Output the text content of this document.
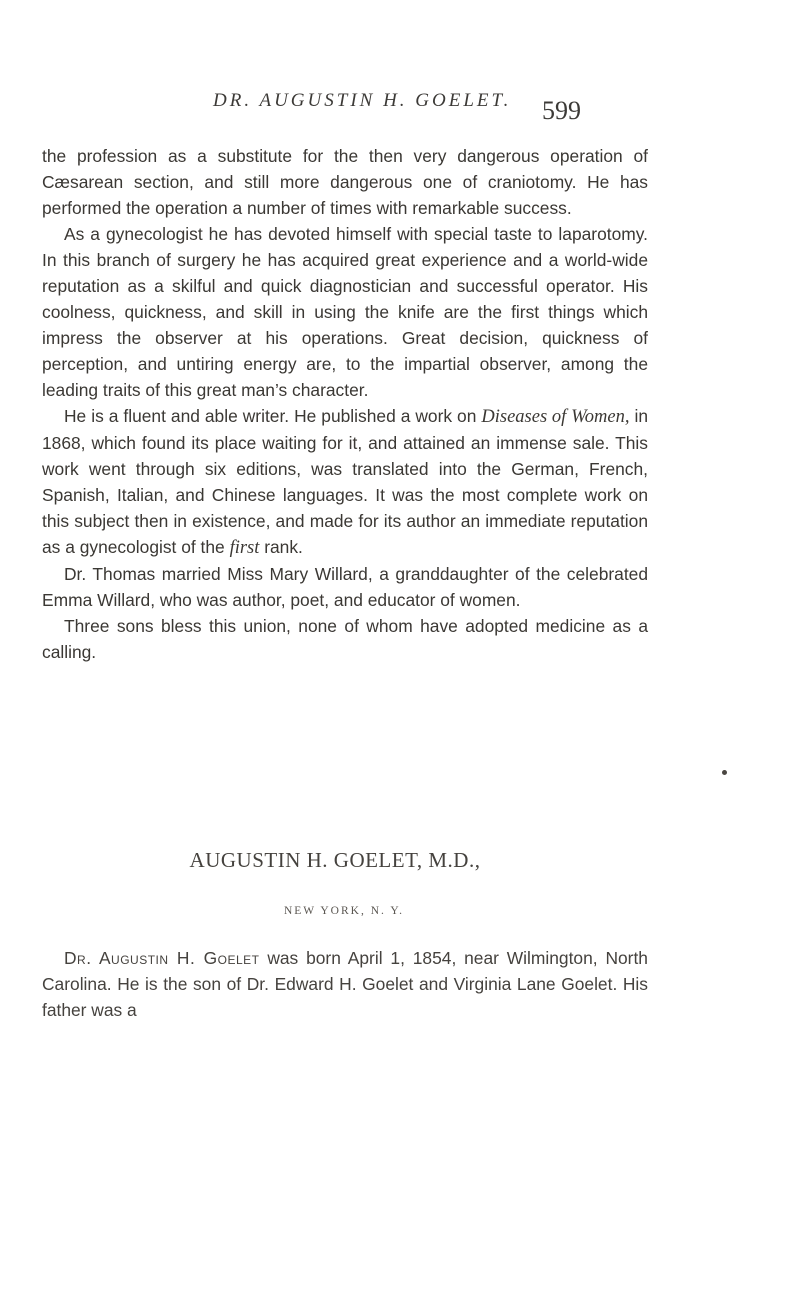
DR. AUGUSTIN H. GOELET. 599

the profession as a substitute for the then very dangerous operation of Cæsarean section, and still more dangerous one of craniotomy. He has performed the operation a number of times with remarkable success.

As a gynecologist he has devoted himself with special taste to laparotomy. In this branch of surgery he has acquired great experience and a world-wide reputation as a skilful and quick diagnostician and successful operator. His coolness, quickness, and skill in using the knife are the first things which impress the observer at his operations. Great decision, quickness of perception, and untiring energy are, to the impartial observer, among the leading traits of this great man’s character.

He is a fluent and able writer. He published a work on Diseases of Women, in 1868, which found its place waiting for it, and attained an immense sale. This work went through six editions, was translated into the German, French, Spanish, Italian, and Chinese languages. It was the most complete work on this subject then in existence, and made for its author an immediate reputation as a gynecologist of the first rank.

Dr. Thomas married Miss Mary Willard, a granddaughter of the celebrated Emma Willard, who was author, poet, and educator of women.

Three sons bless this union, none of whom have adopted medicine as a calling.

AUGUSTIN H. GOELET, M.D.,
NEW YORK, N. Y.

Dr. Augustin H. Goelet was born April 1, 1854, near Wilmington, North Carolina. He is the son of Dr. Edward H. Goelet and Virginia Lane Goelet. His father was a
